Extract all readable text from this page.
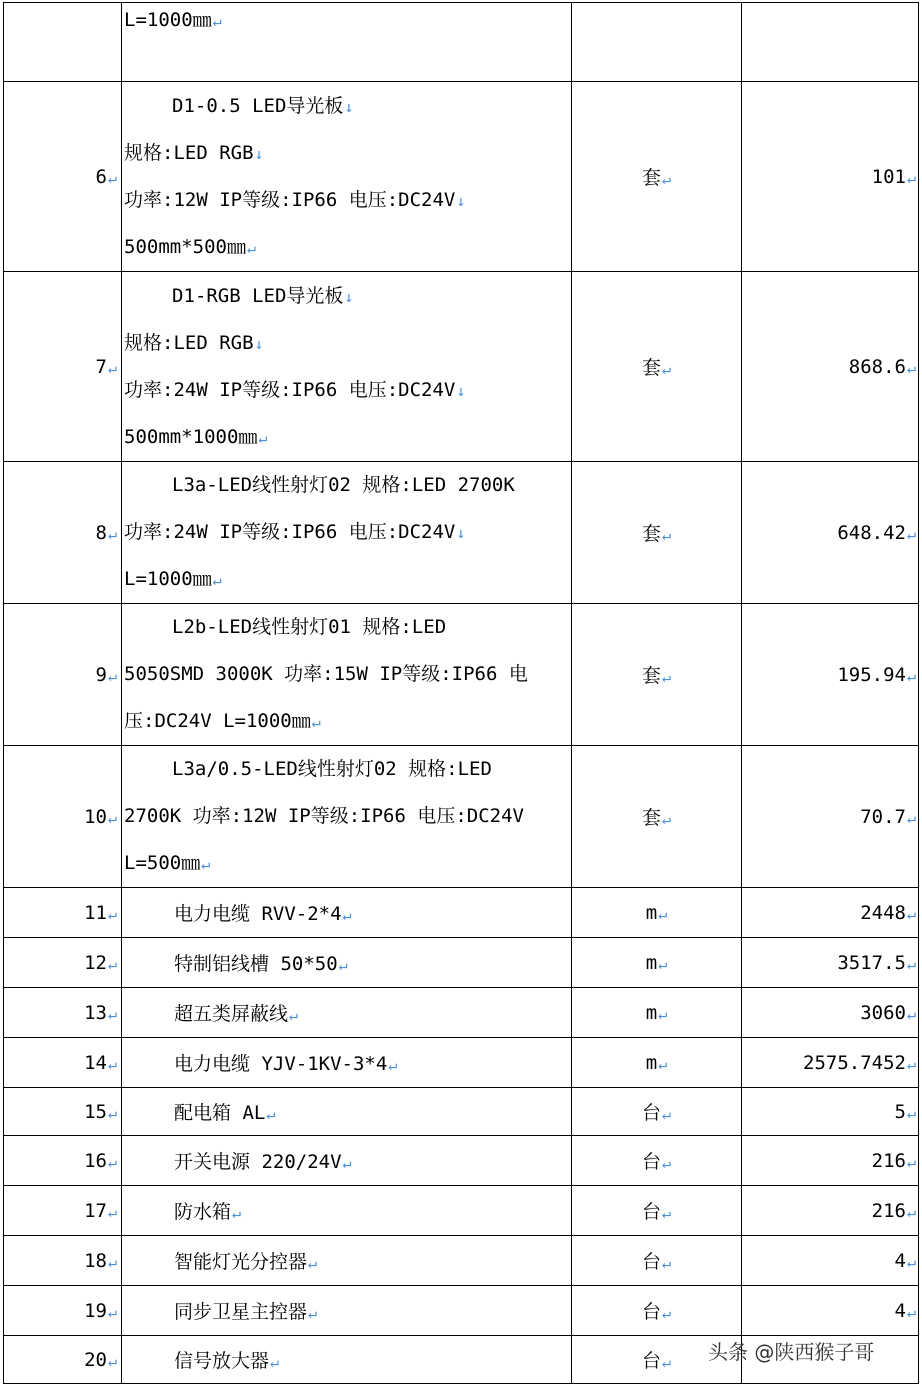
	L=1000㎜↵		

6↵	D1-0.5 LED导光板↓
规格:LED RGB↓
功率:12W IP等级:IP66 电压:DC24V↓
500mm*500㎜↵	套↵	101↵
7↵	D1-RGB LED导光板↓
规格:LED RGB↓
功率:24W IP等级:IP66 电压:DC24V↓
500mm*1000㎜↵	套↵	868.6↵
8↵	L3a-LED线性射灯02 规格:LED 2700K
功率:24W IP等级:IP66 电压:DC24V↓
L=1000㎜↵	套↵	648.42↵
9↵	L2b-LED线性射灯01 规格:LED
5050SMD 3000K 功率:15W IP等级:IP66 电
压:DC24V L=1000㎜↵	套↵	195.94↵
10↵	L3a/0.5-LED线性射灯02 规格:LED
2700K 功率:12W IP等级:IP66 电压:DC24V
L=500㎜↵	套↵	70.7↵
11↵	电力电缆 RVV-2*4↵	m↵	2448↵
12↵	特制铝线槽 50*50↵	m↵	3517.5↵
13↵	超五类屏蔽线↵	m↵	3060↵
14↵	电力电缆 YJV-1KV-3*4↵	m↵	2575.7452↵
15↵	配电箱 AL↵	台↵	5↵
16↵	开关电源 220/24V↵	台↵	216↵
17↵	防水箱↵	台↵	216↵
18↵	智能灯光分控器↵	台↵	4↵
19↵	同步卫星主控器↵	台↵	4↵
20↵	信号放大器↵	台↵	头条 @陕西猴子哥
